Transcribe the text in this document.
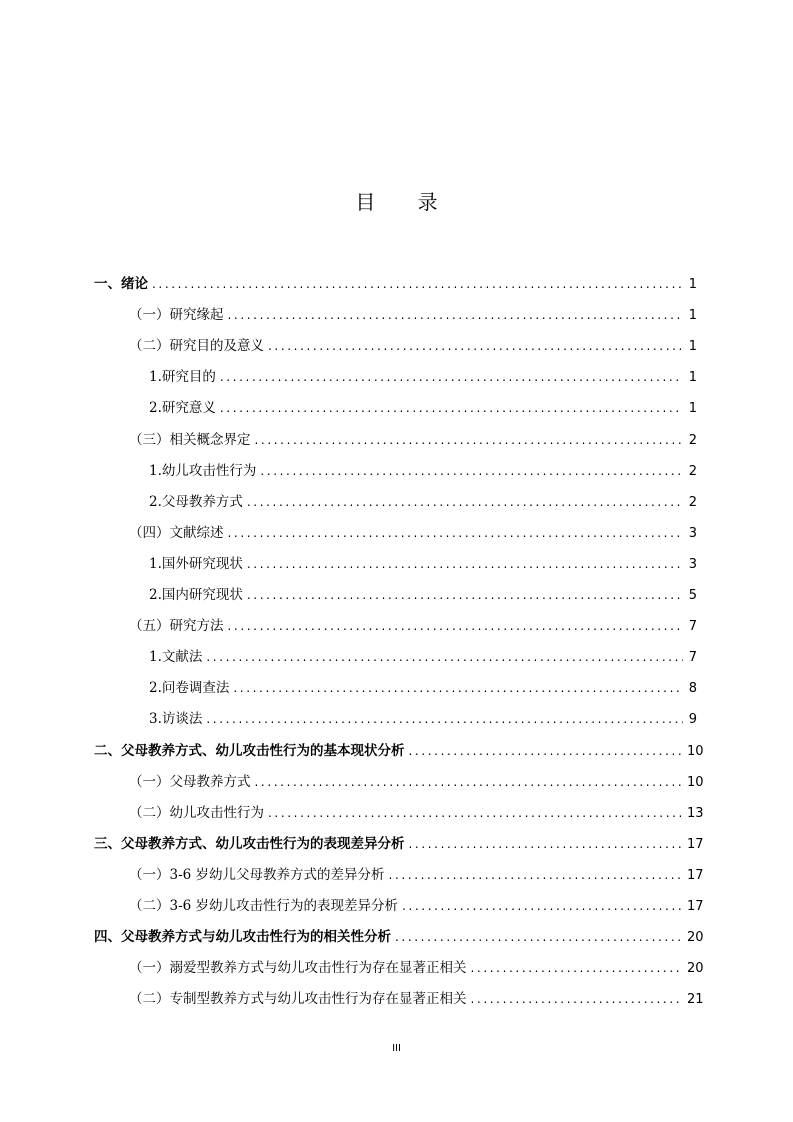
目 录
一、 绪论 .....	1
（一） 研究缘起 .....	1
（二） 研究目的及意义 .....	1
1. 研究目的 .....	1
2. 研究意义 .....	1
（三） 相关概念界定 .....	2
1. 幼儿攻击性行为 .....	2
2. 父母教养方式 .....	2
（四） 文献综述 .....	3
1. 国外研究现状 .....	3
2. 国内研究现状 .....	5
（五） 研究方法 .....	7
1. 文献法 .....	7
2. 问卷调查法 .....	8
3. 访谈法 .....	9
二、 父母教养方式、幼儿攻击性行为的基本现状分析 .....	10
（一） 父母教养方式 .....	10
（二） 幼儿攻击性行为 .....	13
三、 父母教养方式、幼儿攻击性行为的表现差异分析 .....	17
（一） 3-6 岁幼儿父母教养方式的差异分析 .....	17
（二） 3-6 岁幼儿攻击性行为的表现差异分析 .....	17
四、 父母教养方式与幼儿攻击性行为的相关性分析 .....	20
（一） 溺爱型教养方式与幼儿攻击性行为存在显著正相关 .....	20
（二） 专制型教养方式与幼儿攻击性行为存在显著正相关 .....	21
III
